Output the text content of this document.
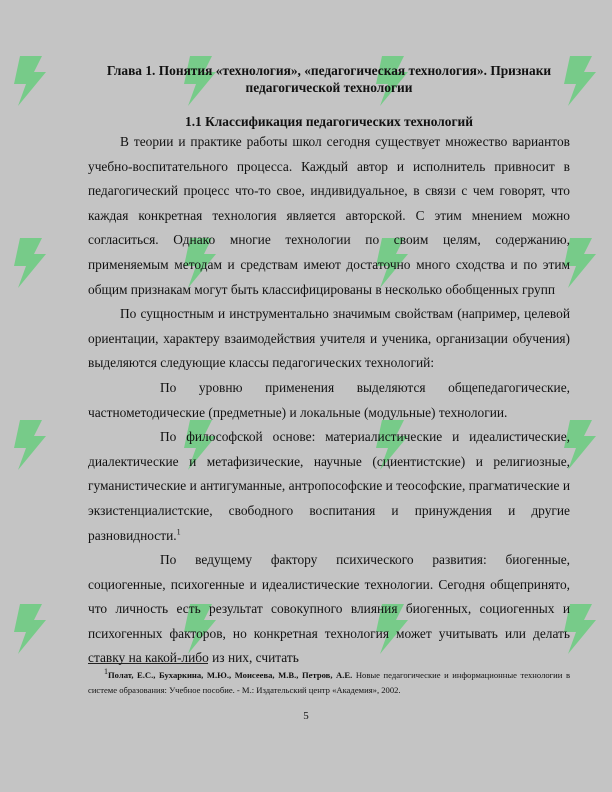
Глава 1. Понятия «технология», «педагогическая технология». Признаки педагогической технологии

1.1 Классификация педагогических технологий

В теории и практике работы школ сегодня существует множество вариантов учебно-воспитательного процесса. Каждый автор и исполнитель привносит в педагогический процесс что-то свое, индивидуальное, в связи с чем говорят, что каждая конкретная технология является авторской. С этим мнением можно согласиться. Однако многие технологии по своим целям, содержанию, применяемым методам и средствам имеют достаточно много сходства и по этим общим признакам могут быть классифицированы в несколько обобщенных групп

По сущностным и инструментально значимым свойствам (например, целевой ориентации, характеру взаимодействия учителя и ученика, организации обучения) выделяются следующие классы педагогических технологий:

По уровню применения выделяются общепедагогические, частнометодические (предметные) и локальные (модульные) технологии.

По философской основе: материалистические и идеалистические, диалектические и метафизические, научные (сциентистские) и религиозные, гуманистические и антигуманные, антропософские и теософские, прагматические и экзистенциалистские, свободного воспитания и принуждения и другие разновидности.$^1$

По ведущему фактору психического развития: биогенные, социогенные, психогенные и идеалистические технологии. Сегодня общепринято, что личность есть результат совокупного влияния биогенных, социогенных и психогенных факторов, но конкретная технология может учитывать или делать ставку на какой-либо из них, считать

$^1$Полат, Е.С., Бухаркина, М.Ю., Моисеева, М.В., Петров, А.Е. Новые педагогические и информационные технологии в системе образования: Учебное пособие. - М.: Издательский центр «Академия», 2002.
5
